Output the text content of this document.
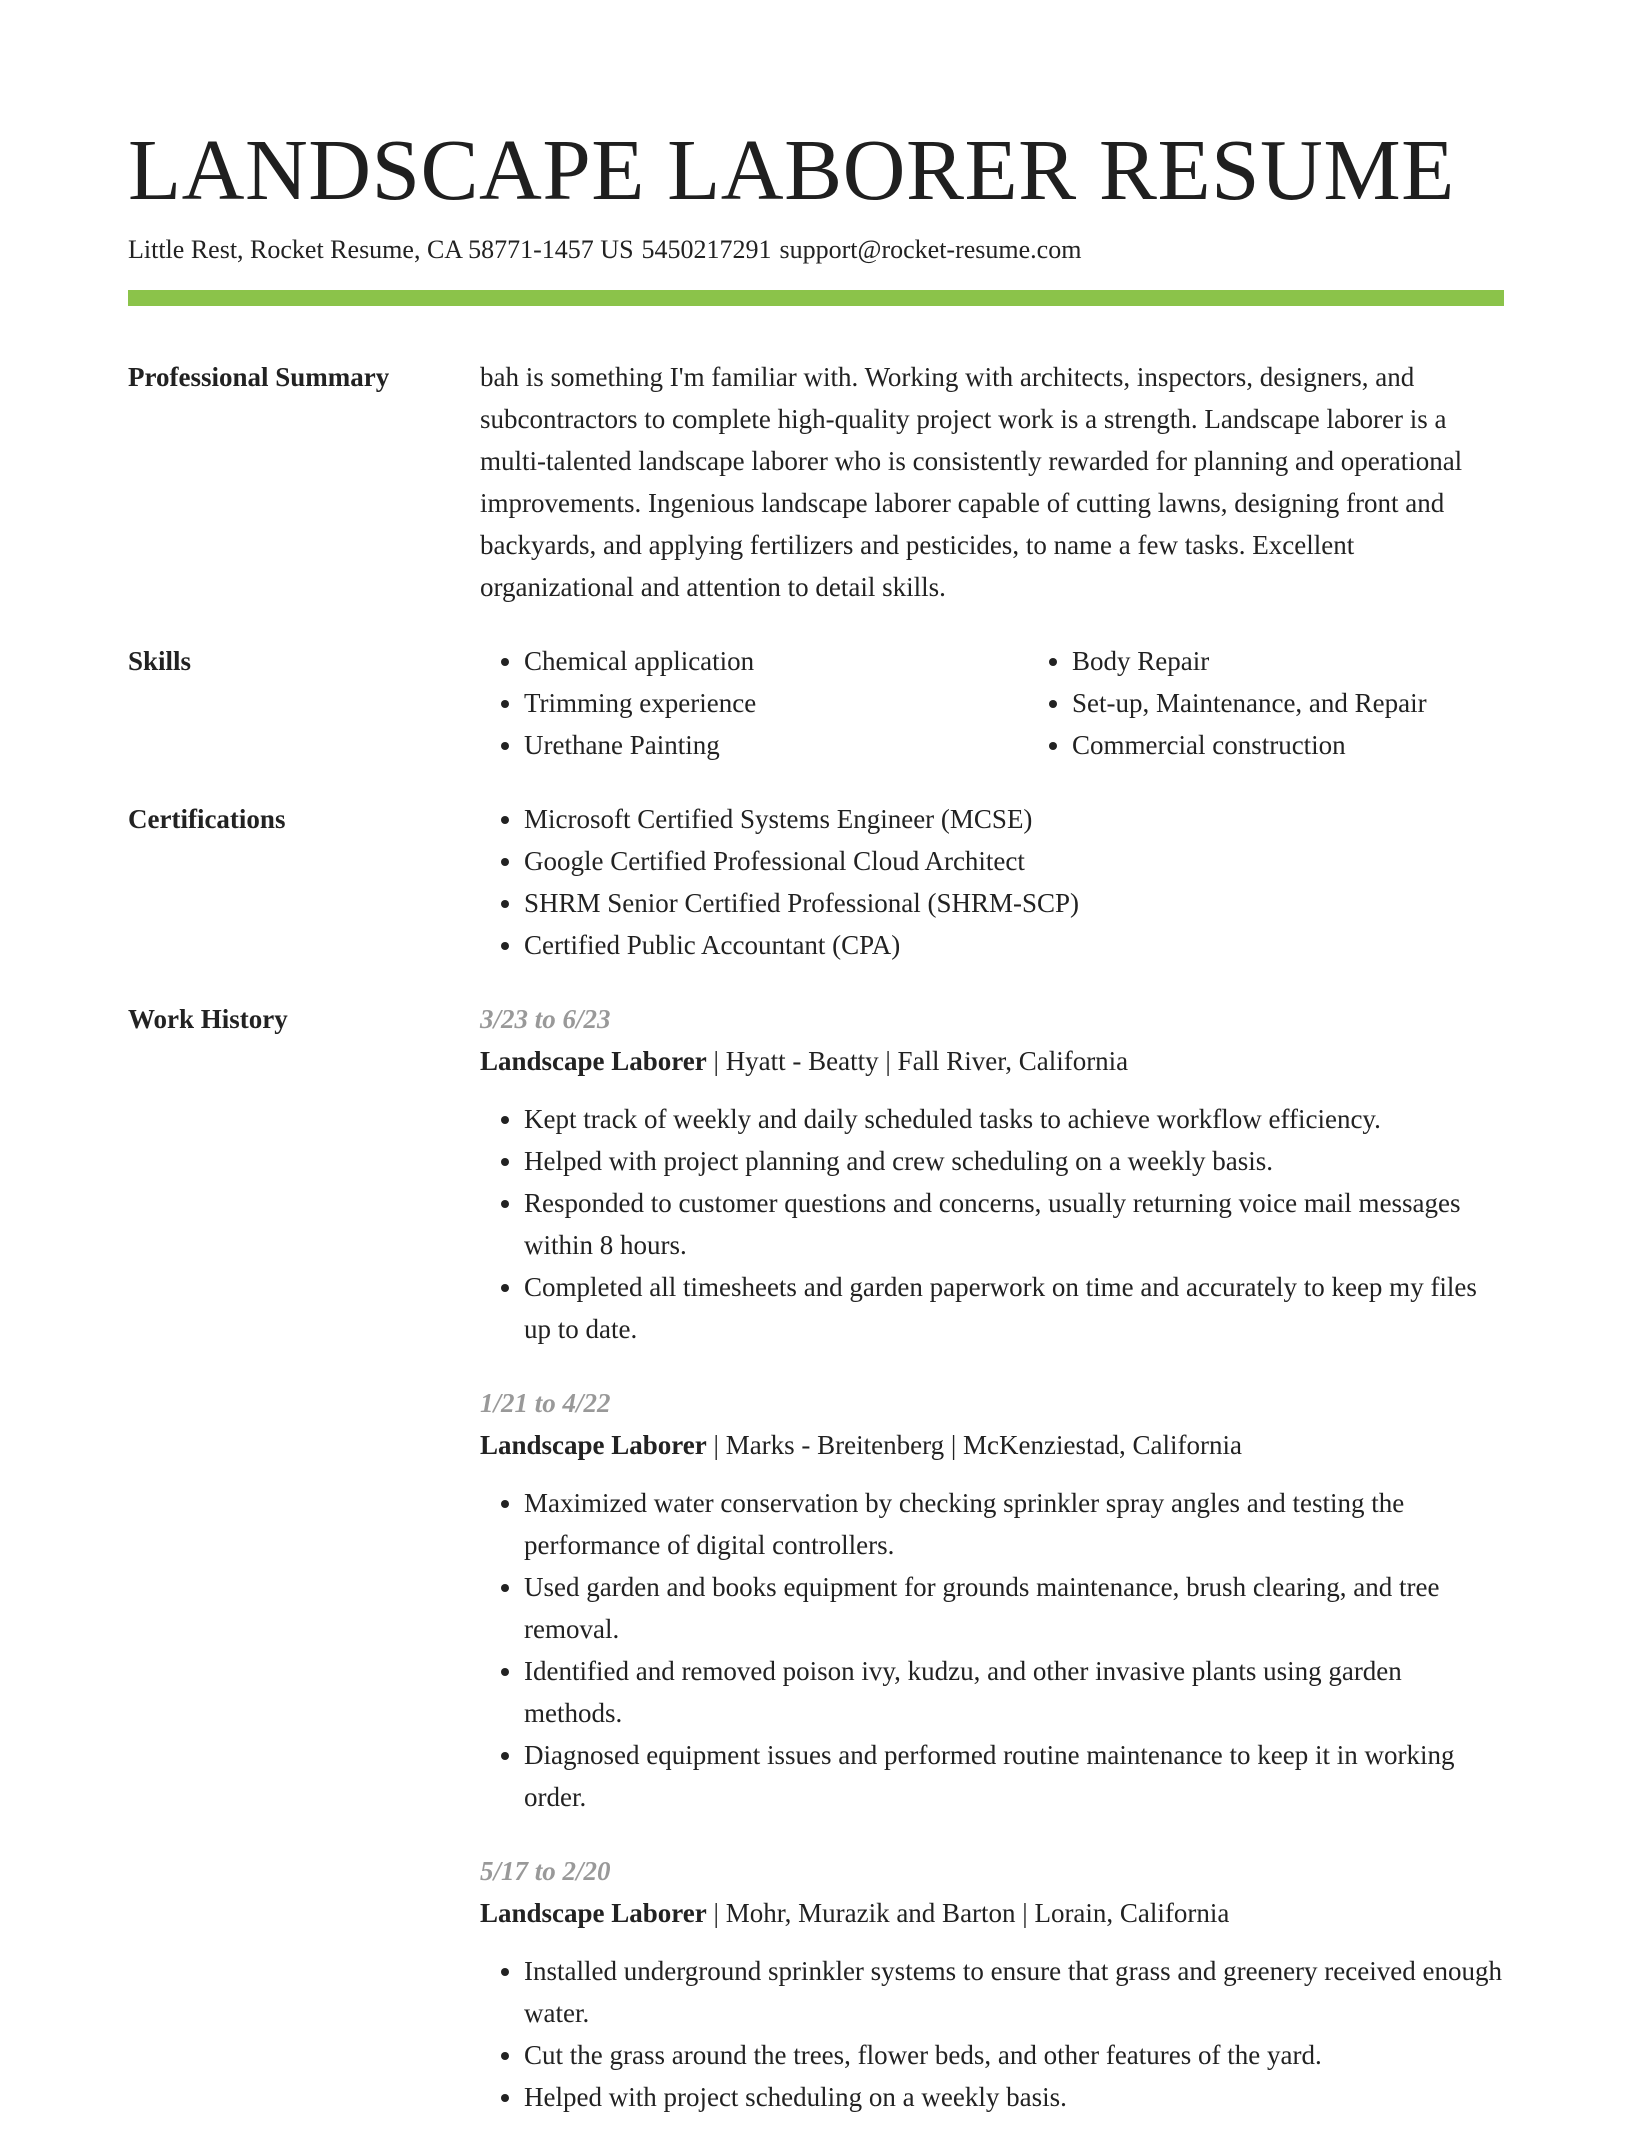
LANDSCAPE LABORER RESUME
Little Rest, Rocket Resume, CA 58771-1457 US 5450217291 support@rocket-resume.com
Professional Summary	bah is something I'm familiar with. Working with architects, inspectors, designers, and subcontractors to complete high-quality project work is a strength. Landscape laborer is a multi-talented landscape laborer who is consistently rewarded for planning and operational improvements. Ingenious landscape laborer capable of cutting lawns, designing front and backyards, and applying fertilizers and pesticides, to name a few tasks. Excellent organizational and attention to detail skills.

Skills	• Chemical application
• Trimming experience
• Urethane Painting
• Body Repair
• Set-up, Maintenance, and Repair
• Commercial construction
Certifications	• Microsoft Certified Systems Engineer (MCSE)
• Google Certified Professional Cloud Architect
• SHRM Senior Certified Professional (SHRM-SCP)
• Certified Public Accountant (CPA)
Work History	3/23 to 6/23
Landscape Laborer | Hyatt - Beatty | Fall River, California
• Kept track of weekly and daily scheduled tasks to achieve workflow efficiency.
• Helped with project planning and crew scheduling on a weekly basis.
• Responded to customer questions and concerns, usually returning voice mail messages within 8 hours.
• Completed all timesheets and garden paperwork on time and accurately to keep my files up to date.
1/21 to 4/22
Landscape Laborer | Marks - Breitenberg | McKenziestad, California
• Maximized water conservation by checking sprinkler spray angles and testing the performance of digital controllers.
• Used garden and books equipment for grounds maintenance, brush clearing, and tree removal.
• Identified and removed poison ivy, kudzu, and other invasive plants using garden methods.
• Diagnosed equipment issues and performed routine maintenance to keep it in working order.
5/17 to 2/20
Landscape Laborer | Mohr, Murazik and Barton | Lorain, California
• Installed underground sprinkler systems to ensure that grass and greenery received enough water.
• Cut the grass around the trees, flower beds, and other features of the yard.
• Helped with project scheduling on a weekly basis.
